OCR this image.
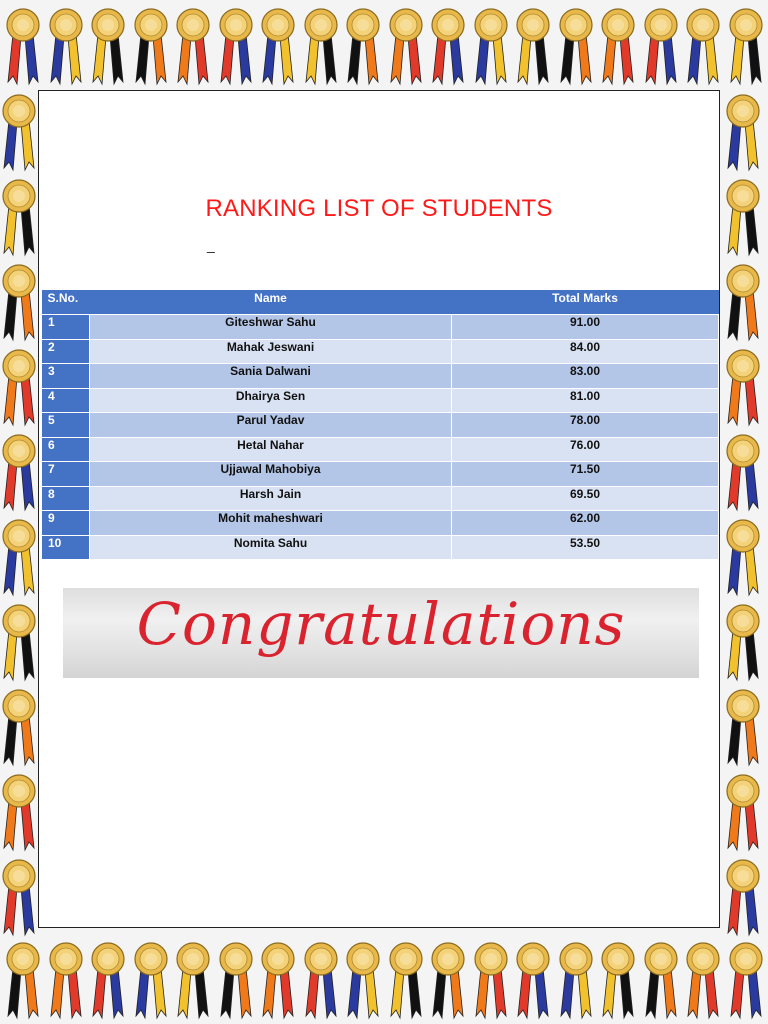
RANKING LIST OF STUDENTS
_
S.No.	Name	Total Marks
1	Giteshwar Sahu	91.00
2	Mahak Jeswani	84.00
3	Sania Dalwani	83.00
4	Dhairya Sen	81.00
5	Parul Yadav	78.00
6	Hetal Nahar	76.00
7	Ujjawal Mahobiya	71.50
8	Harsh Jain	69.50
9	Mohit maheshwari	62.00
10	Nomita Sahu	53.50
Congratulations
